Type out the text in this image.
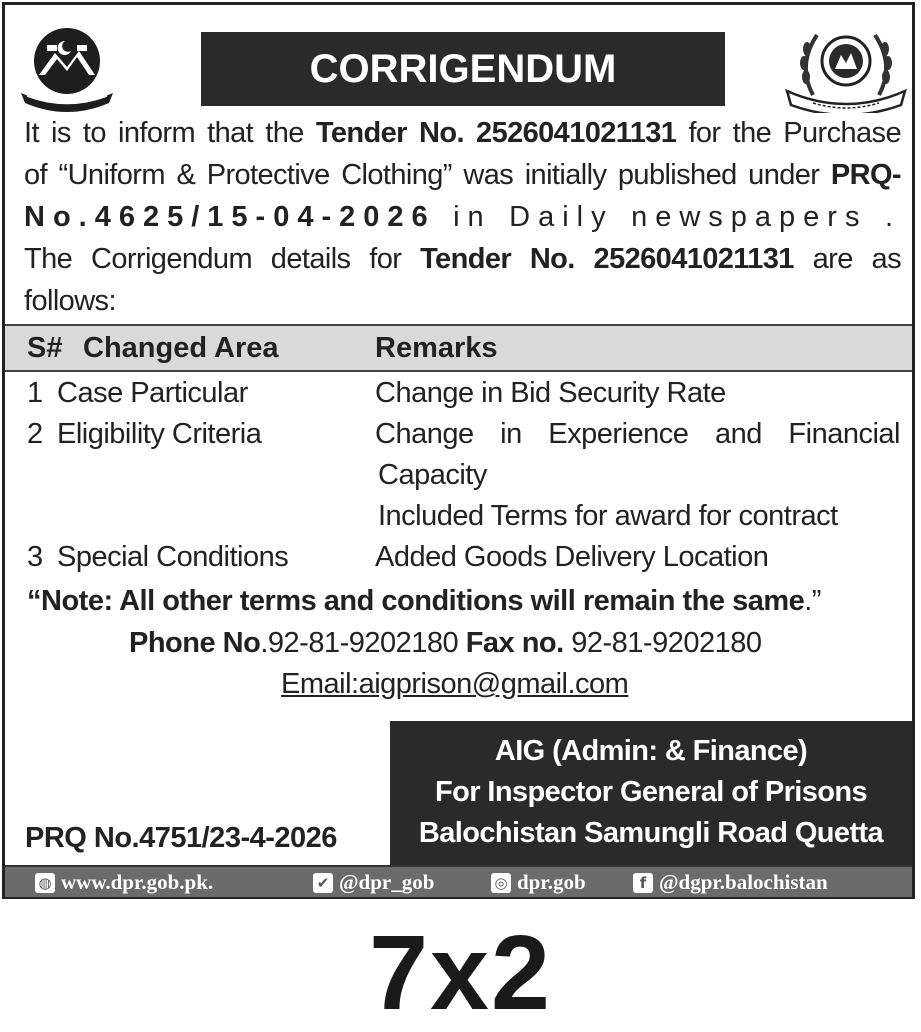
CORRIGENDUM

It is to inform that the Tender No. 2526041021131 for the Purchase

of “Uniform & Protective Clothing” was initially published under PRQ-

No.4625/15-04-2026 in Daily newspapers .

The Corrigendum details for Tender No. 2526041021131 are as

follows:

S# Changed Area	Remarks
1 Case Particular	Change in Bid Security Rate
2 Eligibility Criteria	Change in Experience and Financial
Capacity
Included Terms for award for contract
3 Special Conditions	Added Goods Delivery Location
“Note: All other terms and conditions will remain the same.”
Phone No.92-81-9202180 Fax no. 92-81-9202180
Email:aigprison@gmail.com
AIG (Admin: & Finance)
For Inspector General of Prisons
Balochistan Samungli Road Quetta
PRQ No.4751/23-4-2026
◍ www.dpr.gob.pk.	✔ @dpr_gob	◎ dpr.gob	f @dgpr.balochistan
7x2
